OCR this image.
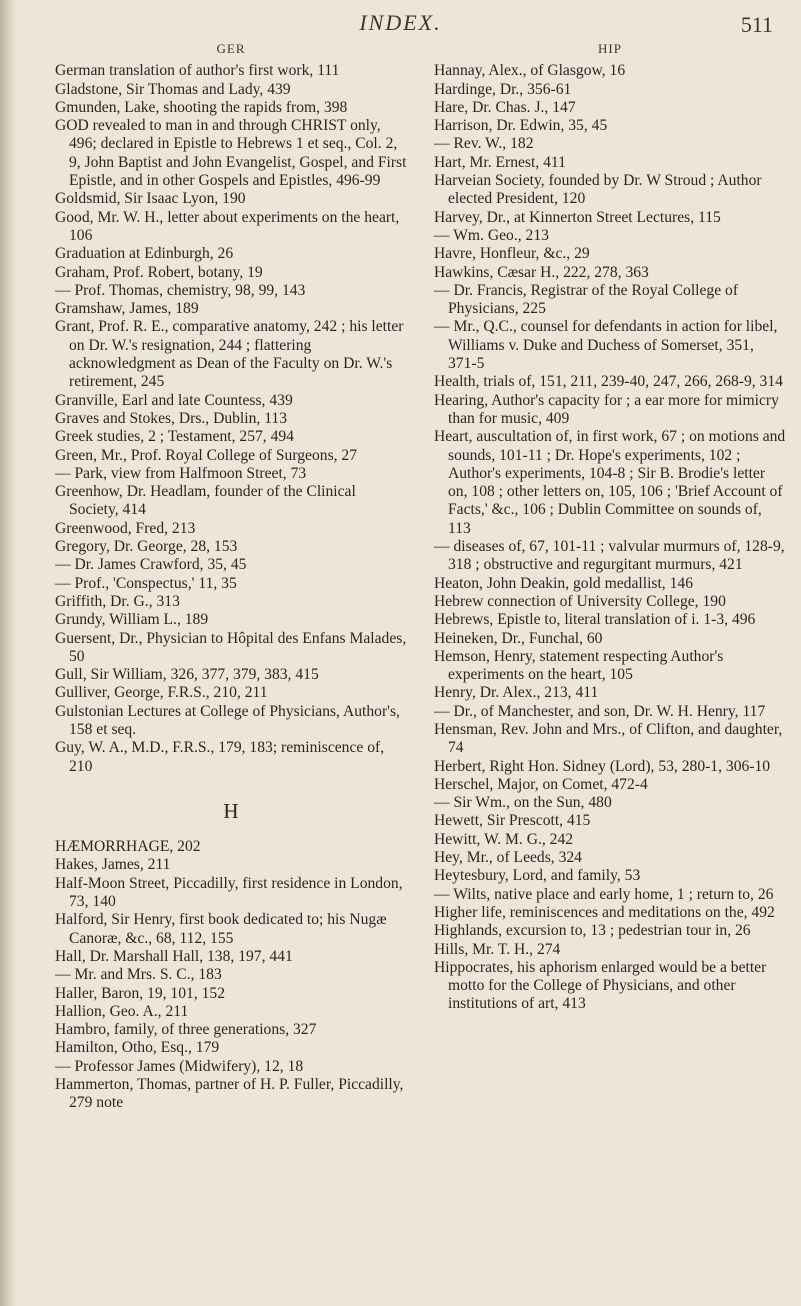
INDEX.	511
GER

German translation of author's first work, 111

Gladstone, Sir Thomas and Lady, 439

Gmunden, Lake, shooting the rapids from, 398

GOD revealed to man in and through CHRIST only, 496; declared in Epistle to Hebrews 1 et seq., Col. 2, 9, John Baptist and John Evangelist, Gospel, and First Epistle, and in other Gospels and Epistles, 496-99

Goldsmid, Sir Isaac Lyon, 190

Good, Mr. W. H., letter about experiments on the heart, 106

Graduation at Edinburgh, 26

Graham, Prof. Robert, botany, 19

— Prof. Thomas, chemistry, 98, 99, 143

Gramshaw, James, 189

Grant, Prof. R. E., comparative anatomy, 242 ; his letter on Dr. W.'s resignation, 244 ; flattering acknowledgment as Dean of the Faculty on Dr. W.'s retirement, 245

Granville, Earl and late Countess, 439

Graves and Stokes, Drs., Dublin, 113

Greek studies, 2 ; Testament, 257, 494

Green, Mr., Prof. Royal College of Surgeons, 27

— Park, view from Halfmoon Street, 73

Greenhow, Dr. Headlam, founder of the Clinical Society, 414

Greenwood, Fred, 213

Gregory, Dr. George, 28, 153

— Dr. James Crawford, 35, 45

— Prof., 'Conspectus,' 11, 35

Griffith, Dr. G., 313

Grundy, William L., 189

Guersent, Dr., Physician to Hôpital des Enfans Malades, 50

Gull, Sir William, 326, 377, 379, 383, 415

Gulliver, George, F.R.S., 210, 211

Gulstonian Lectures at College of Physicians, Author's, 158 et seq.

Guy, W. A., M.D., F.R.S., 179, 183; reminiscence of, 210

H

HÆMORRHAGE, 202

Hakes, James, 211

Half-Moon Street, Piccadilly, first residence in London, 73, 140

Halford, Sir Henry, first book dedicated to; his Nugæ Canoræ, &c., 68, 112, 155

Hall, Dr. Marshall Hall, 138, 197, 441

— Mr. and Mrs. S. C., 183

Haller, Baron, 19, 101, 152

Hallion, Geo. A., 211

Hambro, family, of three generations, 327

Hamilton, Otho, Esq., 179

— Professor James (Midwifery), 12, 18

Hammerton, Thomas, partner of H. P. Fuller, Piccadilly, 279 note

HIP

Hannay, Alex., of Glasgow, 16

Hardinge, Dr., 356-61

Hare, Dr. Chas. J., 147

Harrison, Dr. Edwin, 35, 45

— Rev. W., 182

Hart, Mr. Ernest, 411

Harveian Society, founded by Dr. W Stroud ; Author elected President, 120

Harvey, Dr., at Kinnerton Street Lectures, 115

— Wm. Geo., 213

Havre, Honfleur, &c., 29

Hawkins, Cæsar H., 222, 278, 363

— Dr. Francis, Registrar of the Royal College of Physicians, 225

— Mr., Q.C., counsel for defendants in action for libel, Williams v. Duke and Duchess of Somerset, 351, 371-5

Health, trials of, 151, 211, 239-40, 247, 266, 268-9, 314

Hearing, Author's capacity for ; a ear more for mimicry than for music, 409

Heart, auscultation of, in first work, 67 ; on motions and sounds, 101-11 ; Dr. Hope's experiments, 102 ; Author's experiments, 104-8 ; Sir B. Brodie's letter on, 108 ; other letters on, 105, 106 ; 'Brief Account of Facts,' &c., 106 ; Dublin Committee on sounds of, 113

— diseases of, 67, 101-11 ; valvular murmurs of, 128-9, 318 ; obstructive and regurgitant murmurs, 421

Heaton, John Deakin, gold medallist, 146

Hebrew connection of University College, 190

Hebrews, Epistle to, literal translation of i. 1-3, 496

Heineken, Dr., Funchal, 60

Hemson, Henry, statement respecting Author's experiments on the heart, 105

Henry, Dr. Alex., 213, 411

— Dr., of Manchester, and son, Dr. W. H. Henry, 117

Hensman, Rev. John and Mrs., of Clifton, and daughter, 74

Herbert, Right Hon. Sidney (Lord), 53, 280-1, 306-10

Herschel, Major, on Comet, 472-4

— Sir Wm., on the Sun, 480

Hewett, Sir Prescott, 415

Hewitt, W. M. G., 242

Hey, Mr., of Leeds, 324

Heytesbury, Lord, and family, 53

— Wilts, native place and early home, 1 ; return to, 26

Higher life, reminiscences and meditations on the, 492

Highlands, excursion to, 13 ; pedestrian tour in, 26

Hills, Mr. T. H., 274

Hippocrates, his aphorism enlarged would be a better motto for the College of Physicians, and other institutions of art, 413
